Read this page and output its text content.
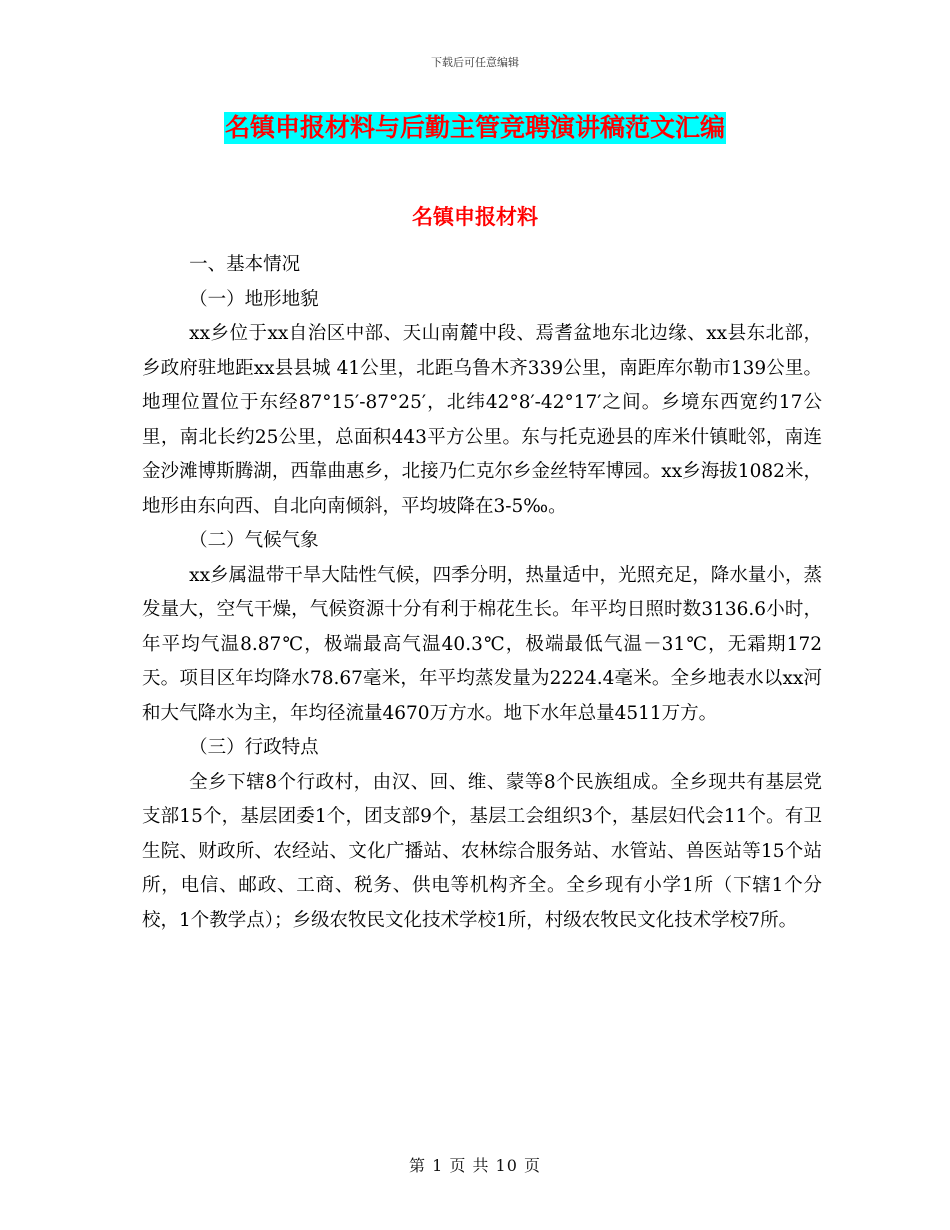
下载后可任意编辑
名镇申报材料与后勤主管竞聘演讲稿范文汇编
名镇申报材料

一、基本情况

（一）地形地貌

xx乡位于xx自治区中部、天山南麓中段、焉耆盆地东北边缘、xx县东北部，乡政府驻地距xx县县城 41公里，北距乌鲁木齐339公里，南距库尔勒市139公里。地理位置位于东经87°15′-87°25′，北纬42°8′-42°17′之间。乡境东西宽约17公里，南北长约25公里，总面积443平方公里。东与托克逊县的库米什镇毗邻，南连金沙滩博斯腾湖，西靠曲惠乡，北接乃仁克尔乡金丝特军博园。xx乡海拔1082米，地形由东向西、自北向南倾斜，平均坡降在3-5‰。

（二）气候气象

xx乡属温带干旱大陆性气候，四季分明，热量适中，光照充足，降水量小，蒸发量大，空气干燥，气候资源十分有利于棉花生长。年平均日照时数3136.6小时，年平均气温8.87℃，极端最高气温40.3℃，极端最低气温－31℃，无霜期172天。项目区年均降水78.67毫米，年平均蒸发量为2224.4毫米。全乡地表水以xx河和大气降水为主，年均径流量4670万方水。地下水年总量4511万方。

（三）行政特点

全乡下辖8个行政村，由汉、回、维、蒙等8个民族组成。全乡现共有基层党支部15个，基层团委1个，团支部9个，基层工会组织3个，基层妇代会11个。有卫生院、财政所、农经站、文化广播站、农林综合服务站、水管站、兽医站等15个站所，电信、邮政、工商、税务、供电等机构齐全。全乡现有小学1所（下辖1个分校，1个教学点）；乡级农牧民文化技术学校1所，村级农牧民文化技术学校7所。

第 1 页 共 10 页
